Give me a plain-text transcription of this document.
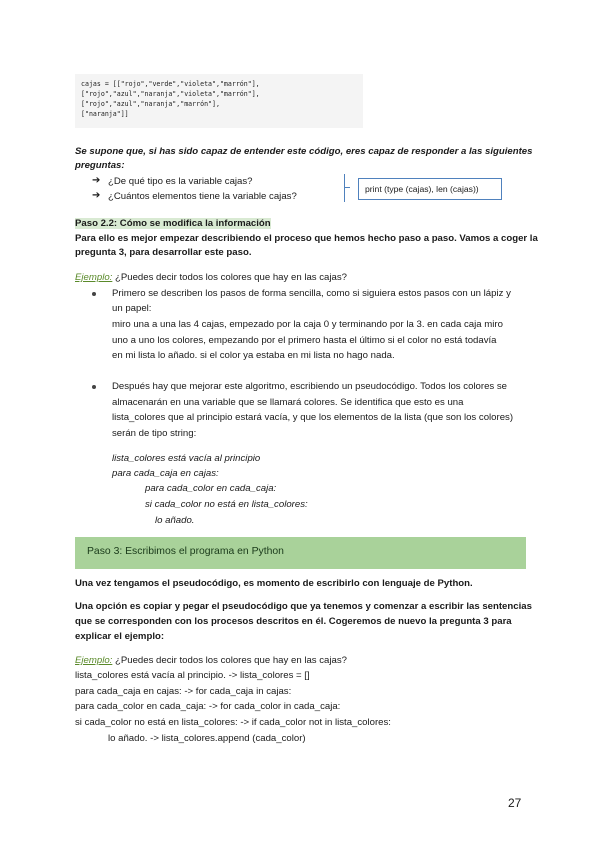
cajas = [["rojo","verde","violeta","marrón"],
["rojo","azul","naranja","violeta","marrón"],
["rojo","azul","naranja","marrón"],
["naranja"]]
Se supone que, si has sido capaz de entender este código, eres capaz de responder a las siguientes
preguntas:
➔ ¿De qué tipo es la variable cajas?
➔ ¿Cuántos elementos tiene la variable cajas?
print (type (cajas), len (cajas))
Paso 2.2: Cómo se modifica la información
Para ello es mejor empezar describiendo el proceso que hemos hecho paso a paso. Vamos a coger la
pregunta 3, para desarrollar este paso.
Ejemplo: ¿Puedes decir todos los colores que hay en las cajas?
Primero se describen los pasos de forma sencilla, como si siguiera estos pasos con un lápiz y
un papel:
miro una a una las 4 cajas, empezado por la caja 0 y terminando por la 3. en cada caja miro
uno a uno los colores, empezando por el primero hasta el último si el color no está todavía
en mi lista lo añado. si el color ya estaba en mi lista no hago nada.
Después hay que mejorar este algoritmo, escribiendo un pseudocódigo. Todos los colores se
almacenarán en una variable que se llamará colores. Se identifica que esto es una
lista_colores que al principio estará vacía, y que los elementos de la lista (que son los colores)
serán de tipo string:
lista_colores está vacía al principio
para cada_caja en cajas:
para cada_color en cada_caja:
si cada_color no está en lista_colores:
lo añado.
Paso 3: Escribimos el programa en Python
Una vez tengamos el pseudocódigo, es momento de escribirlo con lenguaje de Python.
Una opción es copiar y pegar el pseudocódigo que ya tenemos y comenzar a escribir las sentencias
que se corresponden con los procesos descritos en él. Cogeremos de nuevo la pregunta 3 para
explicar el ejemplo:
Ejemplo: ¿Puedes decir todos los colores que hay en las cajas?
lista_colores está vacía al principio. -> lista_colores = []
para cada_caja en cajas: -> for cada_caja in cajas:
para cada_color en cada_caja: -> for cada_color in cada_caja:
si cada_color no está en lista_colores: -> if cada_color not in lista_colores:
lo añado. -> lista_colores.append (cada_color)
27
